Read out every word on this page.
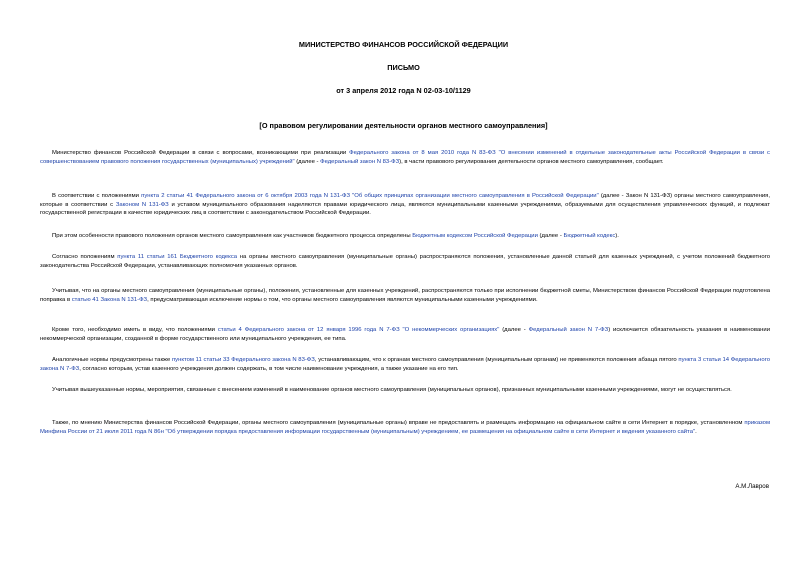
МИНИСТЕРСТВО ФИНАНСОВ РОССИЙСКОЙ ФЕДЕРАЦИИ
ПИСЬМО
от 3 апреля 2012 года N 02-03-10/1129
[О правовом регулировании деятельности органов местного самоуправления]

Министерство финансов Российской Федерации в связи с вопросами, возникающими при реализации Федерального закона от 8 мая 2010 года N 83-ФЗ "О внесении изменений в отдельные законодательные акты Российской Федерации в связи с совершенствованием правового положения государственных (муниципальных) учреждений" (далее - Федеральный закон N 83-ФЗ), в части правового регулирования деятельности органов местного самоуправления, сообщает.

В соответствии с положениями пункта 2 статьи 41 Федерального закона от 6 октября 2003 года N 131-ФЗ "Об общих принципах организации местного самоуправления в Российской Федерации" (далее - Закон N 131-ФЗ) органы местного самоуправления, которые в соответствии с Законом N 131-ФЗ и уставом муниципального образования наделяются правами юридического лица, являются муниципальными казенными учреждениями, образуемыми для осуществления управленческих функций, и подлежат государственной регистрации в качестве юридических лиц в соответствии с законодательством Российской Федерации.

При этом особенности правового положения органов местного самоуправления как участников бюджетного процесса определены Бюджетным кодексом Российской Федерации (далее - Бюджетный кодекс).

Согласно положениям пункта 11 статьи 161 Бюджетного кодекса на органы местного самоуправления (муниципальные органы) распространяются положения, установленные данной статьей для казенных учреждений, с учетом положений бюджетного законодательства Российской Федерации, устанавливающих полномочия указанных органов.

Учитывая, что на органы местного самоуправления (муниципальные органы), положения, установленные для казенных учреждений, распространяются только при исполнении бюджетной сметы, Министерством финансов Российской Федерации подготовлена поправка в статью 41 Закона N 131-ФЗ, предусматривающая исключение нормы о том, что органы местного самоуправления являются муниципальными казенными учреждениями.

Кроме того, необходимо иметь в виду, что положениями статьи 4 Федерального закона от 12 января 1996 года N 7-ФЗ "О некоммерческих организациях" (далее - Федеральный закон N 7-ФЗ) исключается обязательность указания в наименовании некоммерческой организации, созданной в форме государственного или муниципального учреждения, ее типа.

Аналогичные нормы предусмотрены также пунктом 11 статьи 33 Федерального закона N 83-ФЗ, устанавливающим, что к органам местного самоуправления (муниципальным органам) не применяются положения абзаца пятого пункта 3 статьи 14 Федерального закона N 7-ФЗ, согласно которым, устав казенного учреждения должен содержать, в том числе наименование учреждения, а также указание на его тип.

Учитывая вышеуказанные нормы, мероприятия, связанные с внесением изменений в наименование органов местного самоуправления (муниципальных органов), признанных муниципальными казенными учреждениями, могут не осуществляться.

Также, по мнению Министерства финансов Российской Федерации, органы местного самоуправления (муниципальные органы) вправе не предоставлять и размещать информацию на официальном сайте в сети Интернет в порядке, установленном приказом Минфина России от 21 июля 2011 года N 86н "Об утверждении порядка предоставления информации государственным (муниципальным) учреждением, ее размещения на официальном сайте в сети Интернет и ведения указанного сайта".

А.М.Лавров
